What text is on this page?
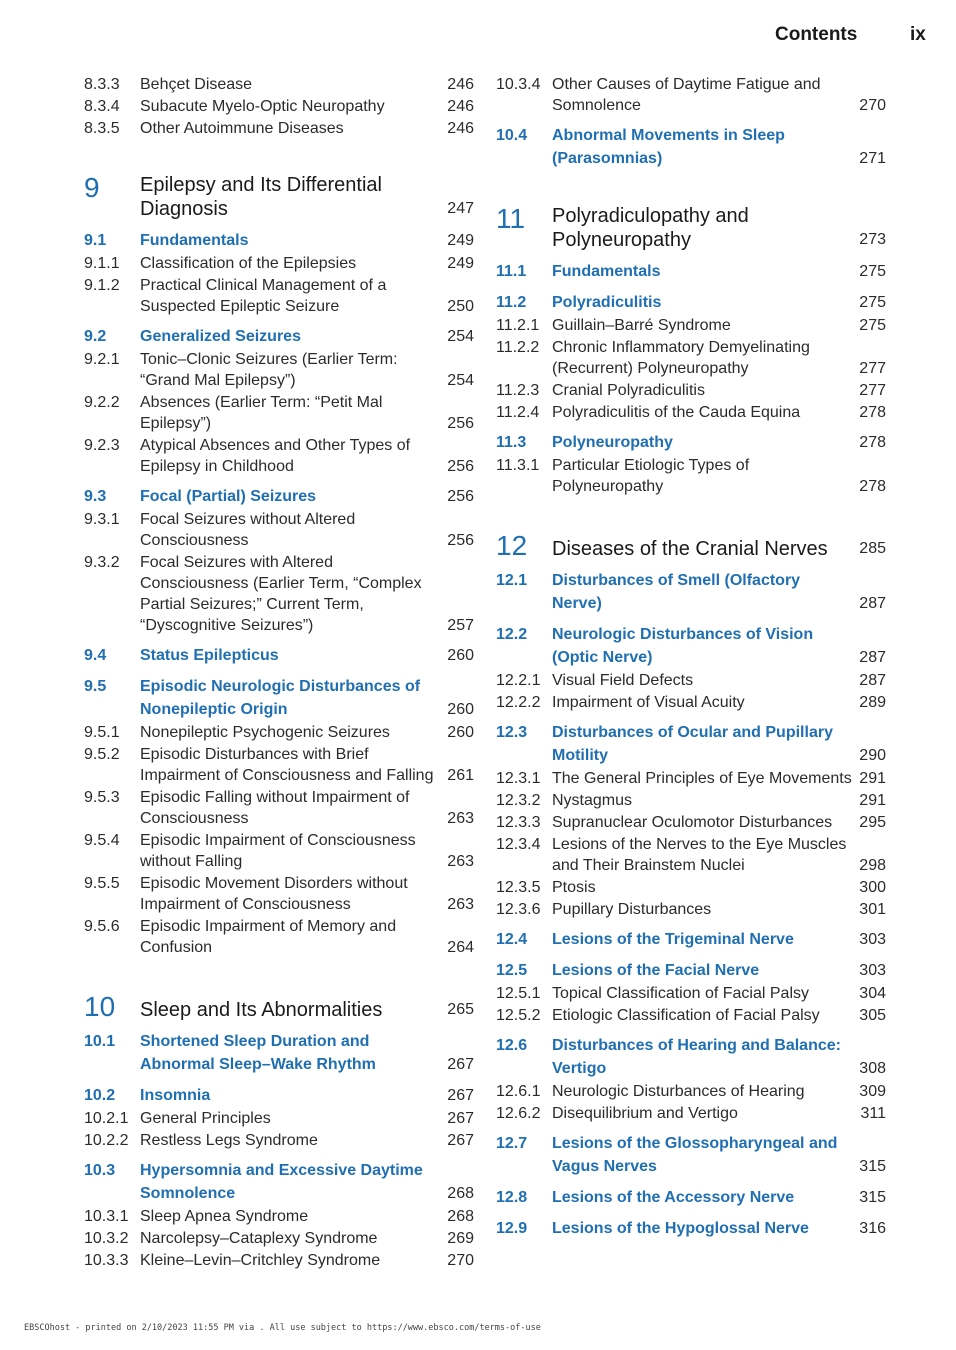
Contents	ix
8.3.3	Behçet Disease	246
8.3.4	Subacute Myelo-Optic Neuropathy	246
8.3.5	Other Autoimmune Diseases	246
9	Epilepsy and Its Differential Diagnosis	247
9.1	Fundamentals	249
9.1.1	Classification of the Epilepsies	249
9.1.2	Practical Clinical Management of a Suspected Epileptic Seizure	250
9.2	Generalized Seizures	254
9.2.1	Tonic–Clonic Seizures (Earlier Term: “Grand Mal Epilepsy”)	254
9.2.2	Absences (Earlier Term: “Petit Mal Epilepsy”)	256
9.2.3	Atypical Absences and Other Types of Epilepsy in Childhood	256
9.3	Focal (Partial) Seizures	256
9.3.1	Focal Seizures without Altered Consciousness	256
9.3.2	Focal Seizures with Altered Consciousness (Earlier Term, “Complex Partial Seizures;” Current Term, “Dyscognitive Seizures”)	257
9.4	Status Epilepticus	260
9.5	Episodic Neurologic Disturbances of Nonepileptic Origin	260
9.5.1	Nonepileptic Psychogenic Seizures	260
9.5.2	Episodic Disturbances with Brief Impairment of Consciousness and Falling 261
9.5.3	Episodic Falling without Impairment of Consciousness	263
9.5.4	Episodic Impairment of Consciousness without Falling	263
9.5.5	Episodic Movement Disorders without Impairment of Consciousness	263
9.5.6	Episodic Impairment of Memory and Confusion	264
10	Sleep and Its Abnormalities	265
10.1	Shortened Sleep Duration and Abnormal Sleep–Wake Rhythm	267
10.2	Insomnia	267
10.2.1 General Principles	267
10.2.2 Restless Legs Syndrome	267
10.3	Hypersomnia and Excessive Daytime Somnolence	268
10.3.1 Sleep Apnea Syndrome	268
10.3.2 Narcolepsy–Cataplexy Syndrome	269
10.3.3 Kleine–Levin–Critchley Syndrome	270
10.3.4 Other Causes of Daytime Fatigue and Somnolence	270
10.4	Abnormal Movements in Sleep (Parasomnias)	271
11	Polyradiculopathy and Polyneuropathy	273
11.1	Fundamentals	275
11.2	Polyradiculitis	275
11.2.1 Guillain–Barré Syndrome	275
11.2.2 Chronic Inflammatory Demyelinating (Recurrent) Polyneuropathy	277
11.2.3 Cranial Polyradiculitis	277
11.2.4 Polyradiculitis of the Cauda Equina	278
11.3	Polyneuropathy	278
11.3.1 Particular Etiologic Types of Polyneuropathy	278
12	Diseases of the Cranial Nerves	285
12.1	Disturbances of Smell (Olfactory Nerve)	287
12.2	Neurologic Disturbances of Vision (Optic Nerve)	287
12.2.1 Visual Field Defects	287
12.2.2 Impairment of Visual Acuity	289
12.3	Disturbances of Ocular and Pupillary Motility	290
12.3.1 The General Principles of Eye Movements 291
12.3.2 Nystagmus	291
12.3.3 Supranuclear Oculomotor Disturbances	295
12.3.4 Lesions of the Nerves to the Eye Muscles and Their Brainstem Nuclei	298
12.3.5 Ptosis	300
12.3.6 Pupillary Disturbances	301
12.4	Lesions of the Trigeminal Nerve	303
12.5	Lesions of the Facial Nerve	303
12.5.1 Topical Classification of Facial Palsy	304
12.5.2 Etiologic Classification of Facial Palsy	305
12.6	Disturbances of Hearing and Balance: Vertigo	308
12.6.1 Neurologic Disturbances of Hearing	309
12.6.2 Disequilibrium and Vertigo	311
12.7	Lesions of the Glossopharyngeal and Vagus Nerves	315
12.8	Lesions of the Accessory Nerve	315
12.9	Lesions of the Hypoglossal Nerve	316
EBSCOhost - printed on 2/10/2023 11:55 PM via . All use subject to https://www.ebsco.com/terms-of-use
